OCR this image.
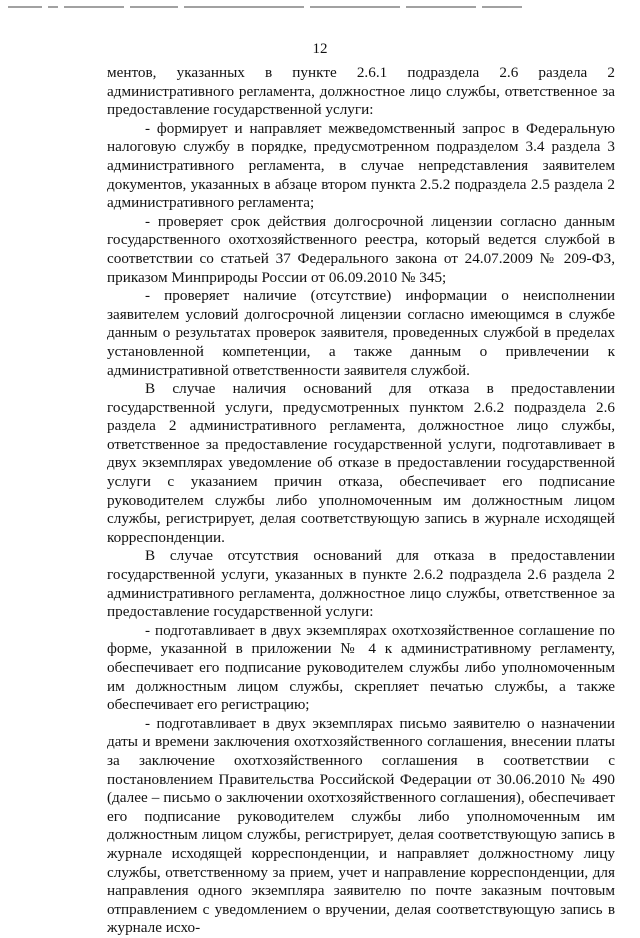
12

ментов, указанных в пункте 2.6.1 подраздела 2.6 раздела 2 административного регламента, должностное лицо службы, ответственное за предоставление государственной услуги:

- формирует и направляет межведомственный запрос в Федеральную налоговую службу в порядке, предусмотренном подразделом 3.4 раздела 3 административного регламента, в случае непредставления заявителем документов, указанных в абзаце втором пункта 2.5.2 подраздела 2.5 раздела 2 административного регламента;

- проверяет срок действия долгосрочной лицензии согласно данным государственного охотхозяйственного реестра, который ведется службой в соответствии со статьей 37 Федерального закона от 24.07.2009 № 209-ФЗ, приказом Минприроды России от 06.09.2010 № 345;

- проверяет наличие (отсутствие) информации о неисполнении заявителем условий долгосрочной лицензии согласно имеющимся в службе данным о результатах проверок заявителя, проведенных службой в пределах установленной компетенции, а также данным о привлечении к административной ответственности заявителя службой.

В случае наличия оснований для отказа в предоставлении государственной услуги, предусмотренных пунктом 2.6.2 подраздела 2.6 раздела 2 административного регламента, должностное лицо службы, ответственное за предоставление государственной услуги, подготавливает в двух экземплярах уведомление об отказе в предоставлении государственной услуги с указанием причин отказа, обеспечивает его подписание руководителем службы либо уполномоченным им должностным лицом службы, регистрирует, делая соответствующую запись в журнале исходящей корреспонденции.

В случае отсутствия оснований для отказа в предоставлении государственной услуги, указанных в пункте 2.6.2 подраздела 2.6 раздела 2 административного регламента, должностное лицо службы, ответственное за предоставление государственной услуги:

- подготавливает в двух экземплярах охотхозяйственное соглашение по форме, указанной в приложении № 4 к административному регламенту, обеспечивает его подписание руководителем службы либо уполномоченным им должностным лицом службы, скрепляет печатью службы, а также обеспечивает его регистрацию;

- подготавливает в двух экземплярах письмо заявителю о назначении даты и времени заключения охотхозяйственного соглашения, внесении платы за заключение охотхозяйственного соглашения в соответствии с постановлением Правительства Российской Федерации от 30.06.2010 № 490 (далее – письмо о заключении охотхозяйственного соглашения), обеспечивает его подписание руководителем службы либо уполномоченным им должностным лицом службы, регистрирует, делая соответствующую запись в журнале исходящей корреспонденции, и направляет должностному лицу службы, ответственному за прием, учет и направление корреспонденции, для направления одного экземпляра заявителю по почте заказным почтовым отправлением с уведомлением о вручении, делая соответствующую запись в журнале исхо-
